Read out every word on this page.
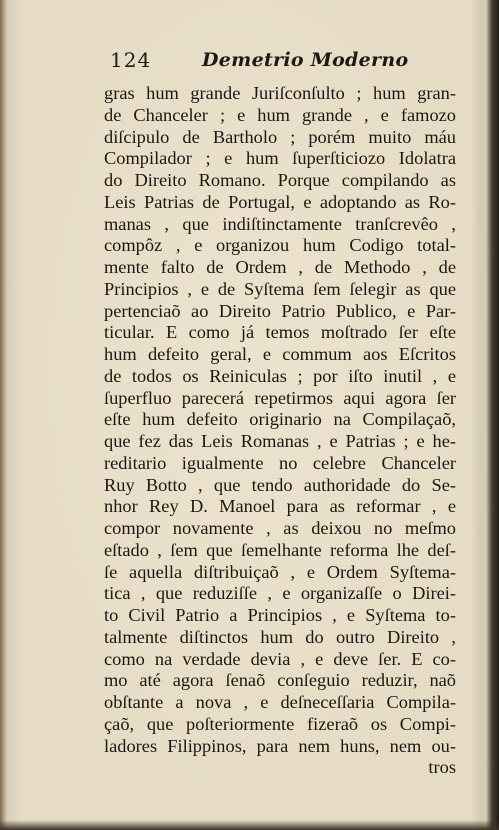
124	Demetrio Moderno
gras hum grande Juriſconſulto ; hum gran-
de Chanceler ; e hum grande , e famozo
diſcipulo de Bartholo ; porém muito máu
Compilador ; e hum ſuperſticiozo Idolatra
do Direito Romano. Porque compilando as
Leis Patrias de Portugal, e adoptando as Ro-
manas , que indiſtinctamente tranſcrevêo ,
compôz , e organizou hum Codigo total-
mente falto de Ordem , de Methodo , de
Principios , e de Syſtema ſem ſelegir as que
pertenciaõ ao Direito Patrio Publico, e Par-
ticular. E como já temos moſtrado ſer eſte
hum defeito geral, e commum aos Eſcritos
de todos os Reiniculas ; por iſto inutil , e
ſuperfluo parecerá repetirmos aqui agora ſer
eſte hum defeito originario na Compilaçaõ,
que fez das Leis Romanas , e Patrias ; e he-
reditario igualmente no celebre Chanceler
Ruy Botto , que tendo authoridade do Se-
nhor Rey D. Manoel para as reformar , e
compor novamente , as deixou no meſmo
eſtado , ſem que ſemelhante reforma lhe deſ-
ſe aquella diſtribuiçaõ , e Ordem Syſtema-
tica , que reduziſſe , e organizaſſe o Direi-
to Civil Patrio a Principios , e Syſtema to-
talmente diſtinctos hum do outro Direito ,
como na verdade devia , e deve ſer. E co-
mo até agora ſenaõ conſeguio reduzir, naõ
obſtante a nova , e deſneceſſaria Compila-
çaõ, que poſteriormente fizeraõ os Compi-
ladores Filippinos, para nem huns, nem ou-
tros
